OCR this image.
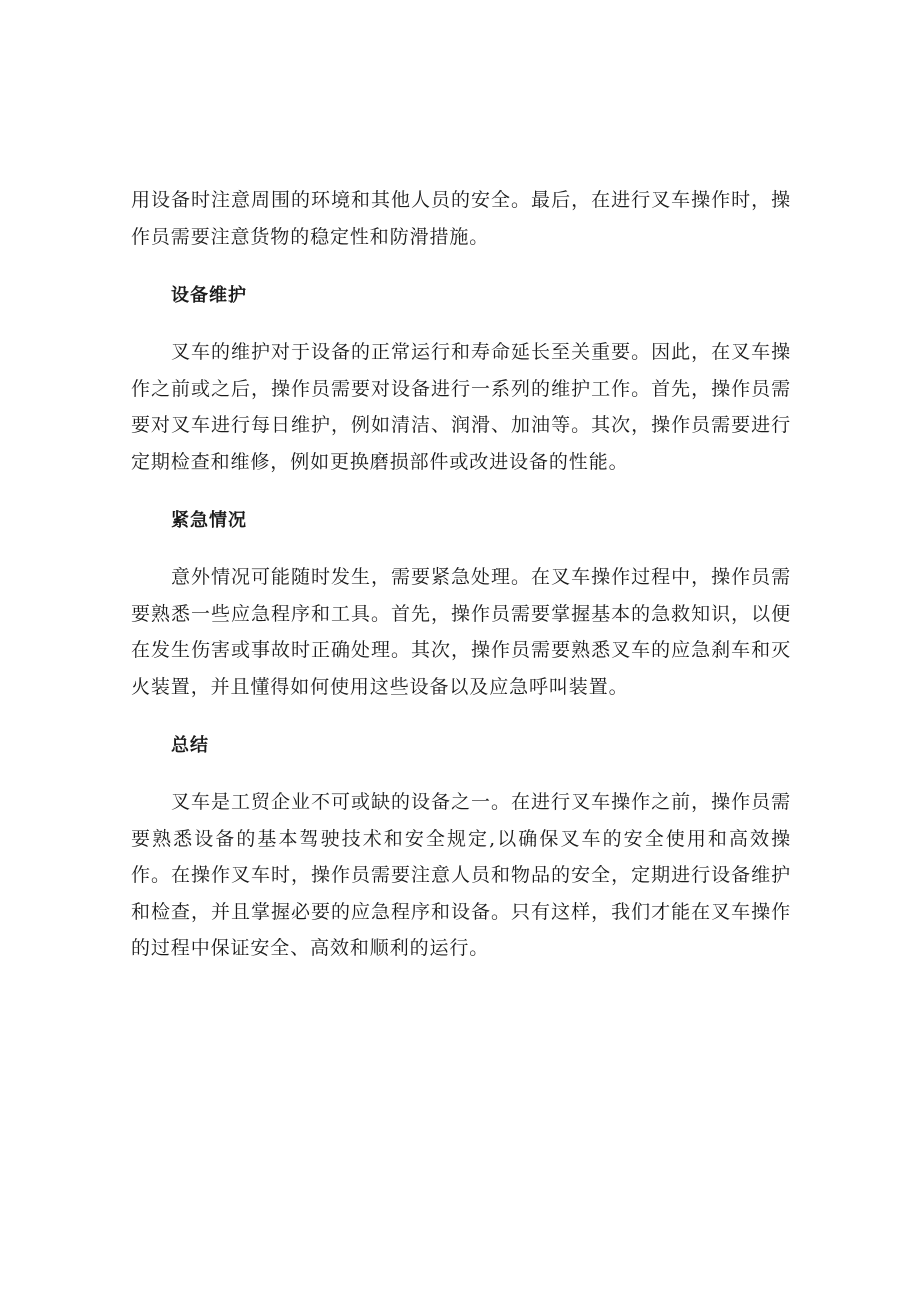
用设备时注意周围的环境和其他人员的安全。最后，在进行叉车操作时，操作员需要注意货物的稳定性和防滑措施。

设备维护

叉车的维护对于设备的正常运行和寿命延长至关重要。因此，在叉车操作之前或之后，操作员需要对设备进行一系列的维护工作。首先，操作员需要对叉车进行每日维护，例如清洁、润滑、加油等。其次，操作员需要进行定期检查和维修，例如更换磨损部件或改进设备的性能。

紧急情况

意外情况可能随时发生，需要紧急处理。在叉车操作过程中，操作员需要熟悉一些应急程序和工具。首先，操作员需要掌握基本的急救知识，以便在发生伤害或事故时正确处理。其次，操作员需要熟悉叉车的应急刹车和灭火装置，并且懂得如何使用这些设备以及应急呼叫装置。

总结

叉车是工贸企业不可或缺的设备之一。在进行叉车操作之前，操作员需要熟悉设备的基本驾驶技术和安全规定,以确保叉车的安全使用和高效操作。在操作叉车时，操作员需要注意人员和物品的安全，定期进行设备维护和检查，并且掌握必要的应急程序和设备。只有这样，我们才能在叉车操作的过程中保证安全、高效和顺利的运行。
